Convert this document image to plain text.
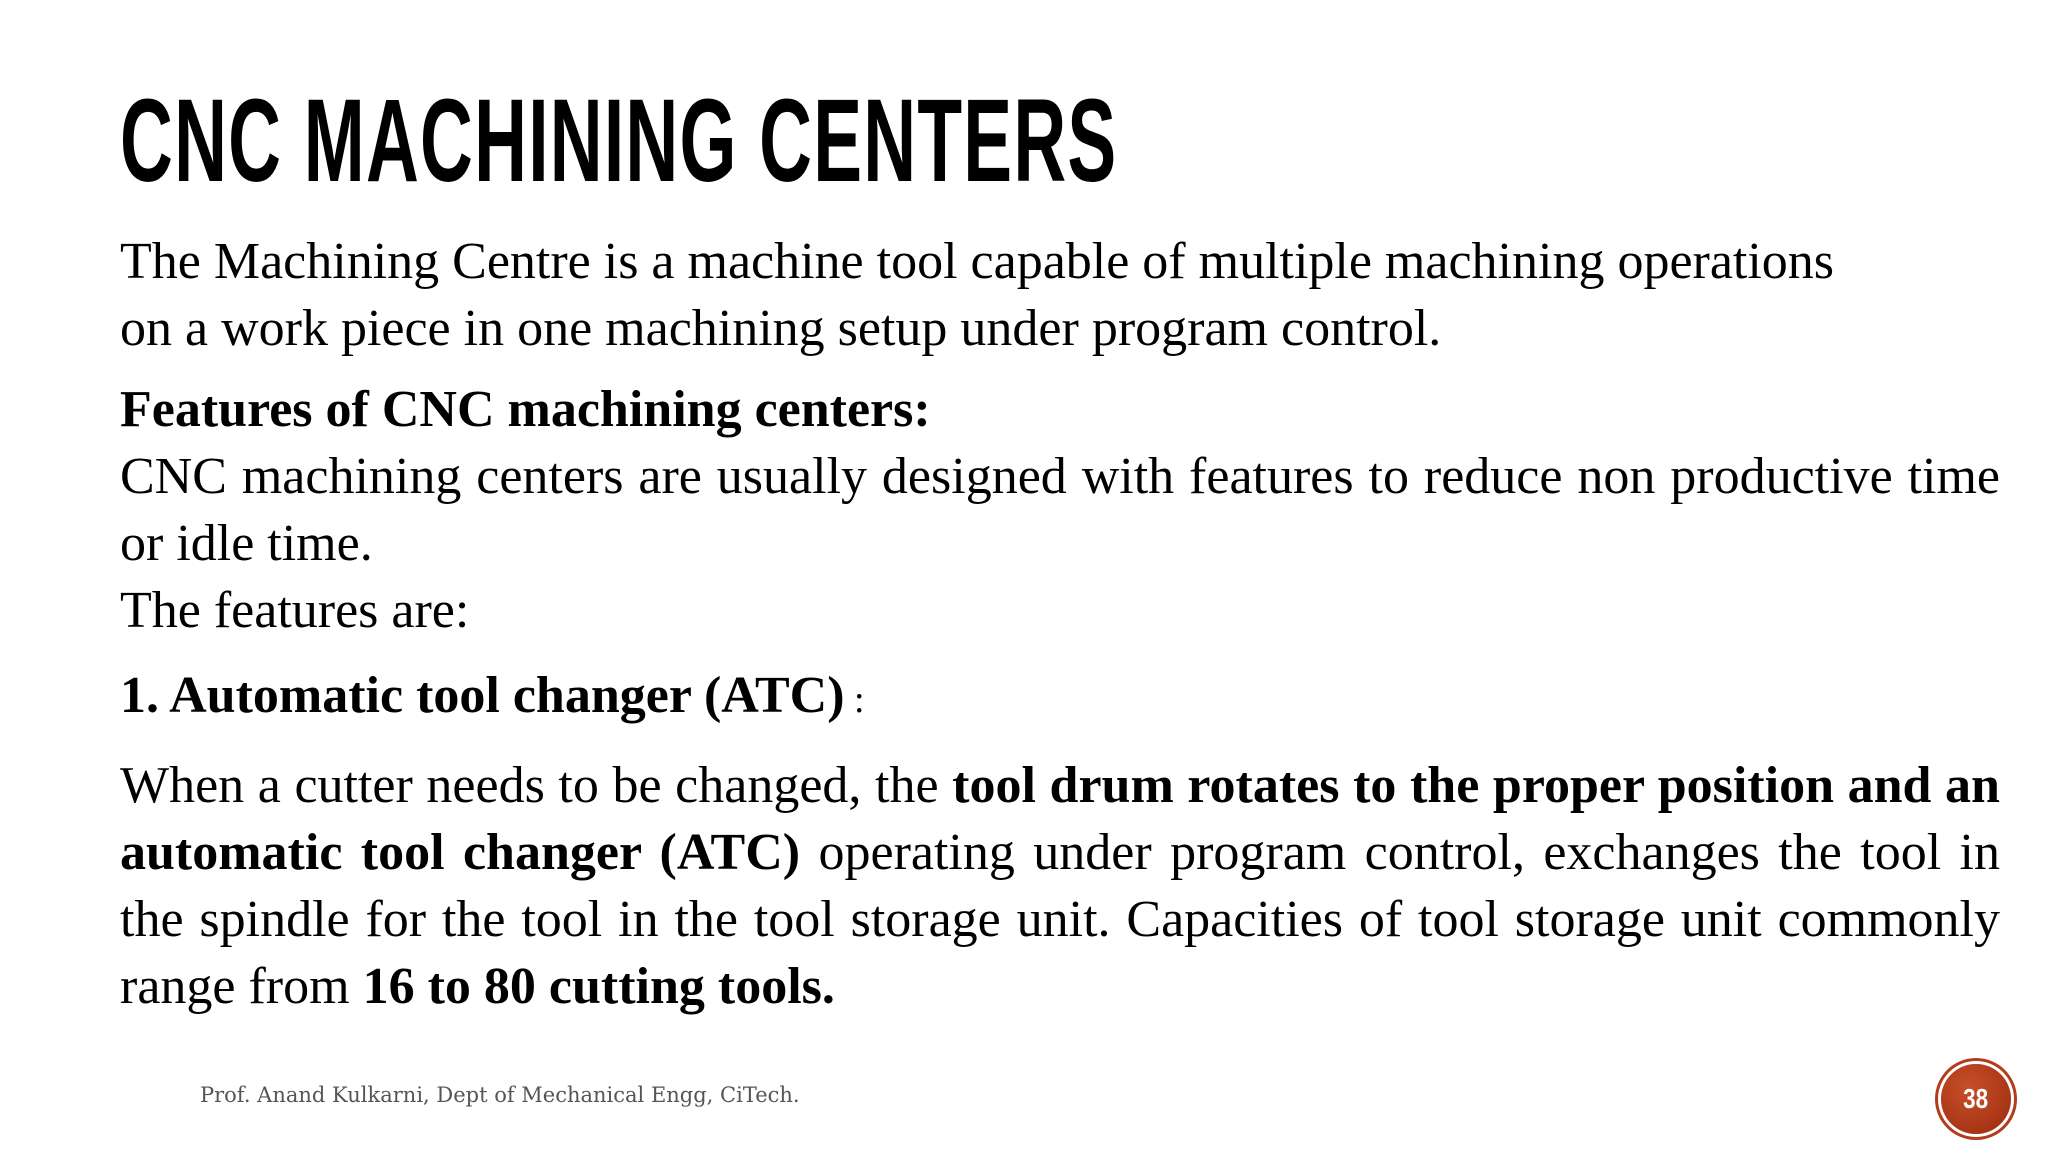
CNC MACHINING CENTERS

The Machining Centre is a machine tool capable of multiple machining operations

on a work piece in one machining setup under program control.

Features of CNC machining centers:

CNC machining centers are usually designed with features to reduce non productive time or idle time.

The features are:

1. Automatic tool changer (ATC) :

When a cutter needs to be changed, the tool drum rotates to the proper position and an automatic tool changer (ATC) operating under program control, exchanges the tool in the spindle for the tool in the tool storage unit. Capacities of tool storage unit commonly range from 16 to 80 cutting tools.

Prof. Anand Kulkarni, Dept of Mechanical Engg, CiTech.	38
